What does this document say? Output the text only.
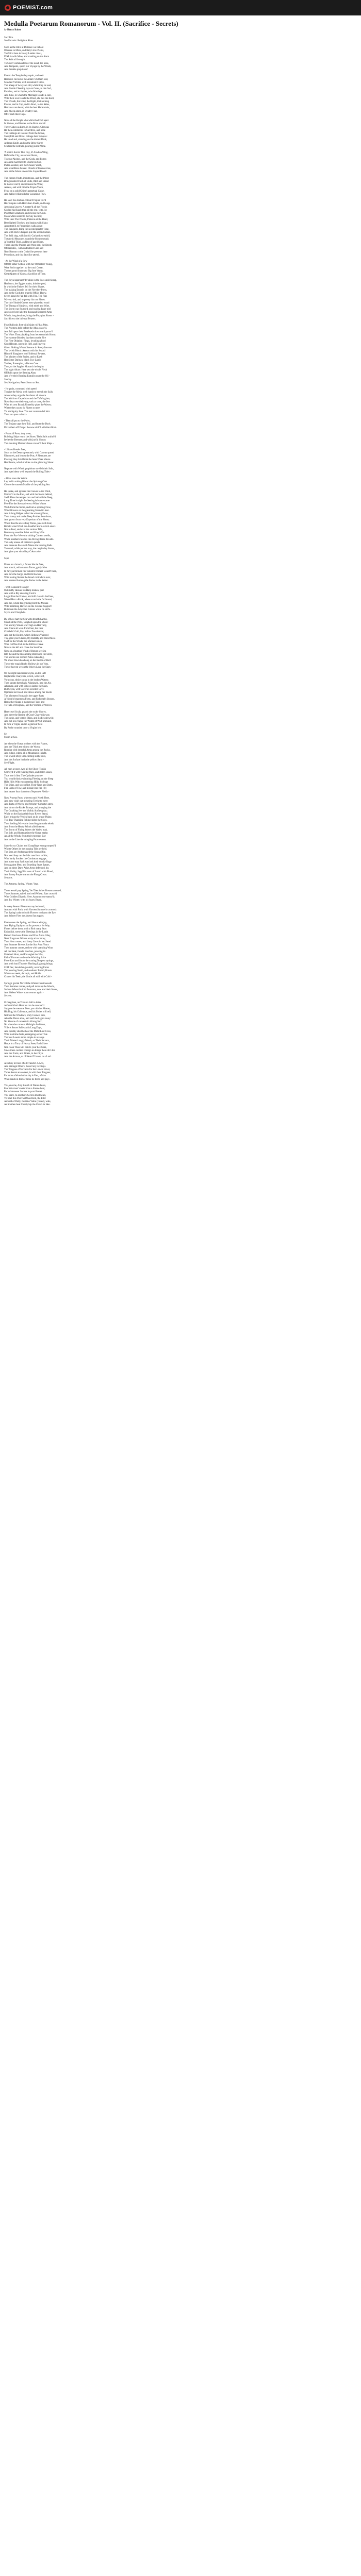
POEMIST.com
Medulla Poetarum Romanorum - Vol. II. (Sacrifice - Secrets)

by Henry Baker

Sacrifice.
See Pursuits: Religious Rites.
Soon as the Hills at Distance we behold
Obscure in Mists, and Italy's low Plains,
Ton! first here in Hoary Lander cries!,
ITAL is with Mine, and standing on the Stern
The Sails all brought,
To Gods' Commanders of the Land, the Seas,
And Tempests, speed our Voyage by the Winds,
And breathe propitious!
First to the Temple they repair, and seek
Heaven's Favour at the Altars: On them laid,
Selected Victims, with accustom'd Rites,
The Sheep of two years old, whilst they in zeal,
And Gentle Cheering lays on Ceres, to the God,
Phoebus, and to Jupiter, who Marriage
And Juno, to whom the Marriage Bond's a care,
With their own Hands the Priest, she ties the Knot,
The Wreath, the Hind, the Right, that nothing
Proves, and in Cup, and in Bowl, to the Skies,
Her vows are heard, with the best Hecatombs,
And Sheep alone, in Deadly Fear,
Offer each their Cups.
Now all the People who whilst had Fed apart
In Homes, and Homes to the Main and all
Three Cubes as Elms, in Its Shorter, Glorious
He then commends to Sacrifice, and hone
The Cuttings all in order from the Grove,
Sheepfold and Olive: Foliage their temples:
He Head and, standing on the distant Deck,
A flaxen Knife, and on the Briny Surge
Scatters the Entrails, pouring purest Wine.
'A shatch that in That Day, R' Arodian Wing,
Before the City, an ancient Shore,
To great Alcides, and the Gods, and Forms
A solemn Sacrifice: to whom his Son,
Pallas assisted, and the Chosen Youth,
And wealthless Senate: Clouds of Incense rose,
And at the Altars smok'd the Liquid Blood.
The chosen Youth, industrious, and the Priest
Bring roasted Flesh of Bulls, Ifted and Bread
In Basket carr'd, and moisten the Wine;
Aeneas, and with him the Trojan Youth,
Feast on a solid Chine's perpetual Chine,
And hallow'd Entrails for Luxurious Fry's.
He said: the doubler-colour'd Poplar veil'd
His Temples with Herculean Shade, and hangs
A twining Leaves: A scatter'd all the Flocks
Circled his Hand: then all the rest, with Joy
Pour their Libations, and invoke the Gods.
Mean while nearer to the Sky decline;
With Herc The Priests, Pinterus at the Head,
Beer lighted Torches, and begins with Skins
Accustom'd, to Procession walk along:
The Banquets, bring the second greater Time,
And with Rich Chargers pile the second Altars.
The Salii sing, with Joyful: Garlands wreath'd,
To tuneful Measures round the Mount sound;
A Youthful Third, an Rest of aged Sires,
These sing the Praises and Wine peril the Deeds
Of Hercules,- with undoubted Care and
New Honour to the Gods'd he presents here
Propitious, and thy Sacrifice attend.
- As the Wind of a Sow
Of 888 rather Cotton, with her 888 rather Young,
Were Such together: so the rural Cottar,
Theme gorod Straws to Big fore Venus,
Great Queen of Gods; a Sacrifice of Thee.
The Royal approach'd t' alike in the Foes unlil Sheep,
Her bows, her Eggles stains, thimble pool,
In which the Fathers fell for their Shares.
The making Entrails on the Fire they Press,
And to the Gods the grateful Offals Throw.
Seven hand it's Pan-fall with Fire. The Pine
Wave to left, and to poetry his two Shoes.
The chief Sealed Guests were placed to wood
The Throng of Subjects, with mirth and Wine,
The Storm was founded, and roaring Issue told
A prologe here lake the thousand Shearerd Arms
Which, long detained, bring the Phrygian Shows -
Sacrifice to the infernal Powers.
Four Bullocks first with Make roll'd as Men,
The Priestess held before the Altar, place'd,
And full upon their Foreheads downward pours'd
The Wine: Then plucking from between their Horns
The extreme Bristles, lay them on the Fire
The First Oblation: Rings, invoking aloud
Good Hecate, potent in Hell, and Heaven:
Other: Sinking Wheat Streams in Steely Income
The lavish Blood: Aeneas with his Sword
Himself Slaughters to th' Infernal Powers,
The Mother of the Furies, and to Earth
Her Sister Daring a black Ewe Lamb:
To thee, Proserpina, a Barren Cow.
Then, to the Stygian Monarch he begins
The night Altars: Here sets the whole Flesh
Of Bulls upon the flaming Altar,
And o'er their Burning Entrails pours the Oil -
Sanday.
Sex Navigation, Peter Storm at Sea.
- He grain, command with speed
To raise the Mesh, with hands to stretch the Sails:
At once they urge the Seafarers all at once
The left from Carpathian and the Tufle's glare,
Now they rose their way, tack at once, the few
With it's own Brand; Unnerbiy plate the Waves;
Winter they ran to th' Rivers to meet
Th' ambiguity Jove. The rest commanded him:
Then sun pass to him:-
- Then all put to the Poles,
The Trojans urge their Toil, and from the Dock
Drive them off Drops: the new sinh'd a Gallant Boat -
- From all Ports, they were,
Building Ships round the Shore, Their Sails unfurl'd
Invite the Breezes; and with joyful Shouts
The shouting Mariners leave crown'd their Ships -
- Ulisses Breaks fires,
Soon on the Deep rap smooth, with Canvas spread
Ulmoore's, and leaves the Port; A Pleasures are
Proving; they hir'd from the Seas Wires Waves
Her Beams, which trickles on the glittering Shore:
Neptune with Winds propitious swell'd their Sails,
And sped them well beyond the Boiling Tides -
- All as once the Winds
Lay hid in arising Blasts: the Sprining Oars
Cleave the smooth Marble of the yielding Sea.
He spoke, and ignored the Canvas to the Wind,
Unmov'd to the East, and with the Storm behind,
Swift Flew the tempes ruts and ballar'd the Deep,
Long Time in sight the Jeering Advance came
Fere Fire the Stern advere to White Waves
Wash from the Shore, and turn a sporting Flow,
Wind blowers on the gleaming Strand to best.
And A long Ridges rolled the winnnig Pares,
Then bonny and to the Deep Farther then shore,
And grown from very Esperium of the Shore;
When thus the exceeding Waves, pale with Fear,
Behold what Wrath the dreadful Storm which steers
Nor to Pool, and over the various Tide,
Beams my sensible Brisk and Gray Wile
From the Far- Were the sinking Current swells,
While Southern Storms the driving Rains Brwelts.
The salty ecease of Fathers to petals
And measure Face with Mores the heaving Rells
To round, while per we may, the ranglin lay Stoms,
And give your sinoullaty Cokors oh -
Sepe
Doors as a branch, a fureus Isle he fires,
And struck, with sunken Turret, gubly Men
In fury put broken his Tarnish'd Trident would't burn,
And tore the Surge, and birth Rocks'd
With tossing Shores the broad contradicts ever,
And seemed burning the Furies in the Water.
- With Consum'd Danger
Out stuffy Heaves his Harp broken, part
And with a Bly encasing Cock's
Leight Fun the Frames, and lofd close in the Foes,
Would Hart a Rock, where scorch the ful Sound,
And the, whilst his grinding Bird the Mounk
With trembling Horrors on the Crested Support?
But made the Amyntan Furious while he strife -
Scylla and Charybdis.
By of how hart the Sea with dreadful Arms,
Struck at the Ports, weighed upon the Shore:
The Stormy Waves scarf high on Her Tally,
And Chara all were from Fear, but hear
Chanbdis' Gull, Fey follow Zoo risehod,
And out the Boiled, which Hellenes Vanesed
Thy, glad your Claims, thy Rotatdy and blood Mess
Swift as the Winds, the Mariners deep,
Wise Griffins Fish to the Rifitive Crave
Now to the left and chase the Sacrifice
Now on a hunting Wind of Braver see-Sea
Into the and the Incounding Billows to the Stern,
The Storms are reemed Nabe exkeading,
We shoot down headlong on the Realm of Hell:
Thrice the rough Rocks Hollows in our Voss,
Thrice heaven we on the Waves Love the Stars -
On the right hand rears Scylla, on the Left
Implacable Charybdis, which, with Gulf,
Voracious, thrice sucks in the broken Waters;
Then spouts them high, Aligning'd, into the Air,
Alternate, and with Billows lashes the Stars.
But Scylla, with Cavern's inverted Cave
Opmines her Head, and draws among her Roots:
The Monsters Human in her upper Parts
A Virgin's beauteous Form, and Fathersel's Bosom,
Her nether Shape a monstrous Fish's and
To Tails of Dolphins, and the Wombs of Wolves.
Here cruel Scylla guards the rocky Shores,
And there the Ravine of Cruel Charybdis was:
The sucks, and vomits Ships, and Bodies drown'd;
And not less Vague the Womb of Wolf unround,
In fone a Virgin, and in a gloriouf Seid
By Ruthe rounded once a Virgins leid
Set
Storm at Sea.
As when the Ocean withers with the Foams,
And the Thick tea with to the Wows;
Roaring with dreadful Arms among the Rocks,
And riding, edges, all a Mountain's Height,
The lowest Deep with circling Eddy boils,
And the Surface hurls the yellow Sand -
See Flight.
All rush at once. And all the Shore-Tonish
Conveyd it with twisting Oars, and stolen Bases,
Thus tore it Sea: The Cyclades you see
You would think swimming Fleeting on the Sleep
Hills Hills With encountering Hills: So huge
The Ships, and so conflict. Their Nays and Darts,
Fire Balls of Tow, and missile Ires fire Fly;
And nearer Ison doordoors Neptune's Fields -
Now Proteus Prow, whereto each North Fleet,
And they whirl out recurring Teethe to meet
And Parts of Waves, and Weighty Cohorts's stern,
And throw the Rocks Trumpt, and plunging the
The Croaking Jeer the Visibly Surfaes play;
While on the Banks their busy Rivers Stand,
Each brings the Vehick back on its waste Plains;
Two Bay Thanking Poking slides the Sides.
Then dashing Waves the launching Armada rebels.
And from the Heady Winds afield retreat.
The Storm of Flying Waves the Wales' mak,
The Soft, and floating time the Ocean make;
As all the Winds, from their extremes Bay
And to the Line the mingling Prow esserts.
Same by ny Chains and Graspfings wrong rumped'd,
Whists Others by the surging Tide are held.
The Seas are Archemaged the Strong Bite,
Nor need they ran the Joht rase forst so Nar;
With hardy Strokes the Combatant engage,
And some may Sackward ask their deadly Rage
Men against Men, and Boarding Sears Spears,
And on these Darts Arise Arms defended, do;
Their Guilty, Jagg'd in tears of Luved with Blood,
And foamy Purple warms the Flung Crests.
Seasons.
The Autumn, Spring, Winter, Year.
These would pay Spring, Yet Then in her Breasts aroused,
There Summer, sailed, and well Wheat, Ears crown'd,
With Goldlen Dispels; Here, Autumn rose smear'd;
And Icy Winter, with his hoary Beard.
In every Season Pleasures may be found,
Autumn with Fruit, with Harvest Summer's crowned:
The Spring's adorn'd with Flowers to charm the Eye,
And Winter Fires the absent Sun supply.
First comes the Spring, and Venus with joy,
And Flying Zephyrus to fist presence for Way;
Flores before them, with a Bird many Seas
Enlandish, strews the Blessings in the Lands
Rained Narcissus Ilfrans and Prior Arma Iriley,
Next Frugrnant Odours a trip ariver array;
Then Heat comes, and dusty Ceres in her Stead
And Summer Breeze, for the Sun Aunt Yours
Then autumn comes, recken with sparkling Wine,
All the Heat, Gentle Bacchus, pressing its
Untained Hunt, and Entangled the Wes,
Fall of Furrows and on the Wint'ring Lake
Frore East and South the roaring Tempest springs,
And with loud Thunder Flashing Lightnig brings;
Cold Dec, bewitching cointly, severing Faces
The piercing North, and southern Tormd, Brusts
Winter succeeds, decrepit, and Hoide
Chatter his Teeth; the Limbs all stiff with Cold -
Spring's glorial Nervill the Winter Continuousfe
Then Summer comes, and pall turns up the Woods,
Serious Wheat fruitful Autumns, now and their Stores,
And lifeless Winter soon returns again -
Secrets.
O Gregzhan, ne Thou so dull to think
A Great Man's Heart so can be conceal'd
Suppose he measure Duer, yet nish his Master,
His Dog, his Colleanos, and his Mules will tell;
Not See the Windows, emty Corners ears,
Also the Doors arise, and sold the Lights away:
No Silence of converts in Wrong Sacr;
No where be come at Midnight Ambition,
Viller's Secret Sulless this Long Days,
And quickly shall he hear the Midst Lost Crow,
With maritime forth, entrapping on her Tale
The best Lewels more simple in revenge
Their Master's angry Words, or Their Servers,
Harps in a Turn, of Heavy Snee, Each Slave
Nor cloak Thou will him to your Lee Gain,
Since there cocline Foreign no things there dir's the
And the Fruits, and Fillets, in the City's
And the Arrows, or of Heard Trivons, to a Lard.
A Hobby Sit rout of all Friends's A Acts,
And amongst Others, these Fury to Disqu.
The Tongues of Servants for the Lone's Haver,
Those Secret are correct, is with their Tongues;
Far more a Wretch than thy is Fast, a Man
Who stands in fear of those he feeds and pays -
You, ene me, Arry Breath of Nature bears,
Fear this most' sweter than a Sisone hold,
For whatsoever Secrets in your Breast
You share, to another's Secreis must heats,
Yet stall this Poor wolf has Bold, the Eiter
As bold of Daily, the time Yedre (Cured), wale,
As Southen beat Cheely hip the Chiefs in Hen.
